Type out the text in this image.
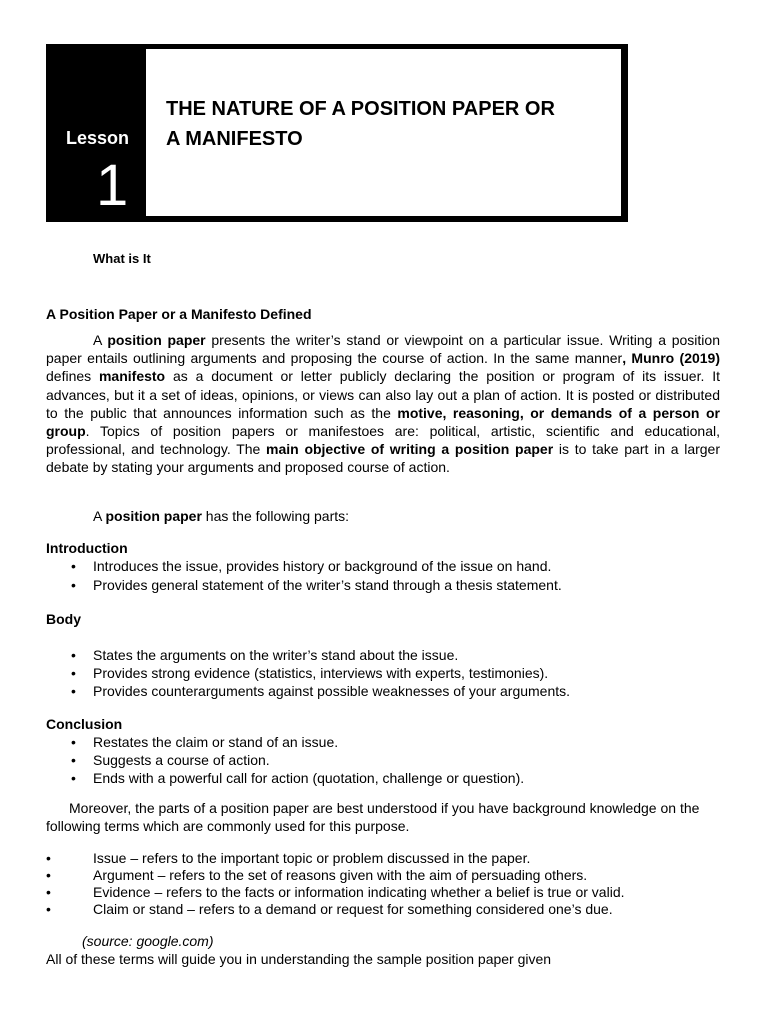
Lesson
1
THE NATURE OF A POSITION PAPER OR
A MANIFESTO
What is It
A Position Paper or a Manifesto Defined

A position paper presents the writer’s stand or viewpoint on a particular issue. Writing a position paper entails outlining arguments and proposing the course of action. In the same manner, Munro (2019) defines manifesto as a document or letter publicly declaring the position or program of its issuer. It advances, but it a set of ideas, opinions, or views can also lay out a plan of action. It is posted or distributed to the public that announces information such as the motive, reasoning, or demands of a person or group. Topics of position papers or manifestoes are: political, artistic, scientific and educational, professional, and technology. The main objective of writing a position paper is to take part in a larger debate by stating your arguments and proposed course of action.

A position paper has the following parts:

Introduction
• Introduces the issue, provides history or background of the issue on hand.
• Provides general statement of the writer’s stand through a thesis statement.
Body
• States the arguments on the writer’s stand about the issue.
• Provides strong evidence (statistics, interviews with experts, testimonies).
• Provides counterarguments against possible weaknesses of your arguments.
Conclusion
• Restates the claim or stand of an issue.
• Suggests a course of action.
• Ends with a powerful call for action (quotation, challenge or question).

Moreover, the parts of a position paper are best understood if you have background knowledge on the following terms which are commonly used for this purpose.

• Issue – refers to the important topic or problem discussed in the paper.
• Argument – refers to the set of reasons given with the aim of persuading others.
• Evidence – refers to the facts or information indicating whether a belief is true or valid.
• Claim or stand – refers to a demand or request for something considered one’s due.
(source: google.com)
All of these terms will guide you in understanding the sample position paper given
